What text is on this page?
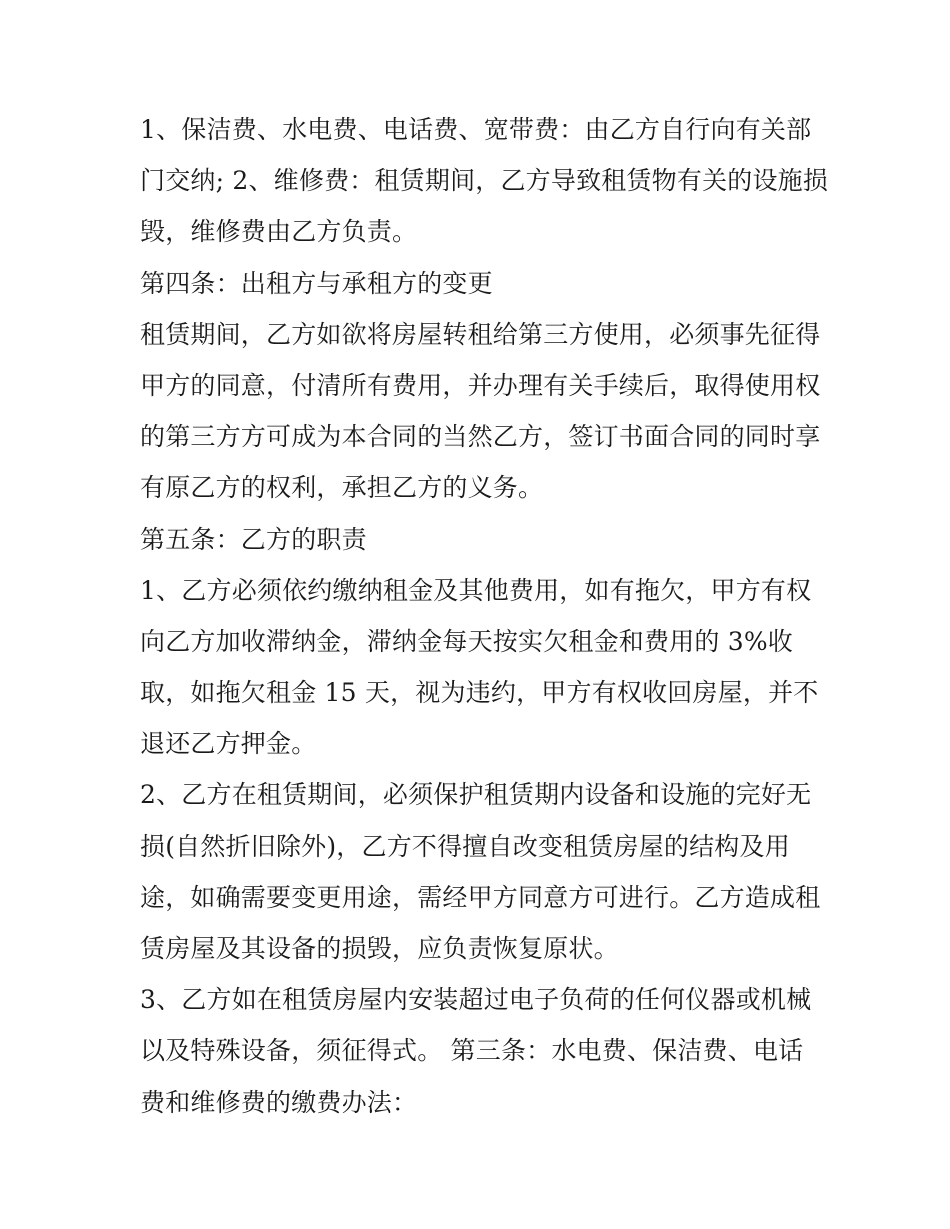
1、保洁费、水电费、电话费、宽带费：由乙方自行向有关部
门交纳; 2、维修费：租赁期间，乙方导致租赁物有关的设施损
毁，维修费由乙方负责。
第四条：出租方与承租方的变更
租赁期间，乙方如欲将房屋转租给第三方使用，必须事先征得
甲方的同意，付清所有费用，并办理有关手续后，取得使用权
的第三方方可成为本合同的当然乙方，签订书面合同的同时享
有原乙方的权利，承担乙方的义务。
第五条：乙方的职责
1、乙方必须依约缴纳租金及其他费用，如有拖欠，甲方有权
向乙方加收滞纳金，滞纳金每天按实欠租金和费用的 3%收
取，如拖欠租金 15 天，视为违约，甲方有权收回房屋，并不
退还乙方押金。
2、乙方在租赁期间，必须保护租赁期内设备和设施的完好无
损(自然折旧除外)，乙方不得擅自改变租赁房屋的结构及用
途，如确需要变更用途，需经甲方同意方可进行。乙方造成租
赁房屋及其设备的损毁，应负责恢复原状。
3、乙方如在租赁房屋内安装超过电子负荷的任何仪器或机械
以及特殊设备，须征得式。 第三条：水电费、保洁费、电话
费和维修费的缴费办法：
